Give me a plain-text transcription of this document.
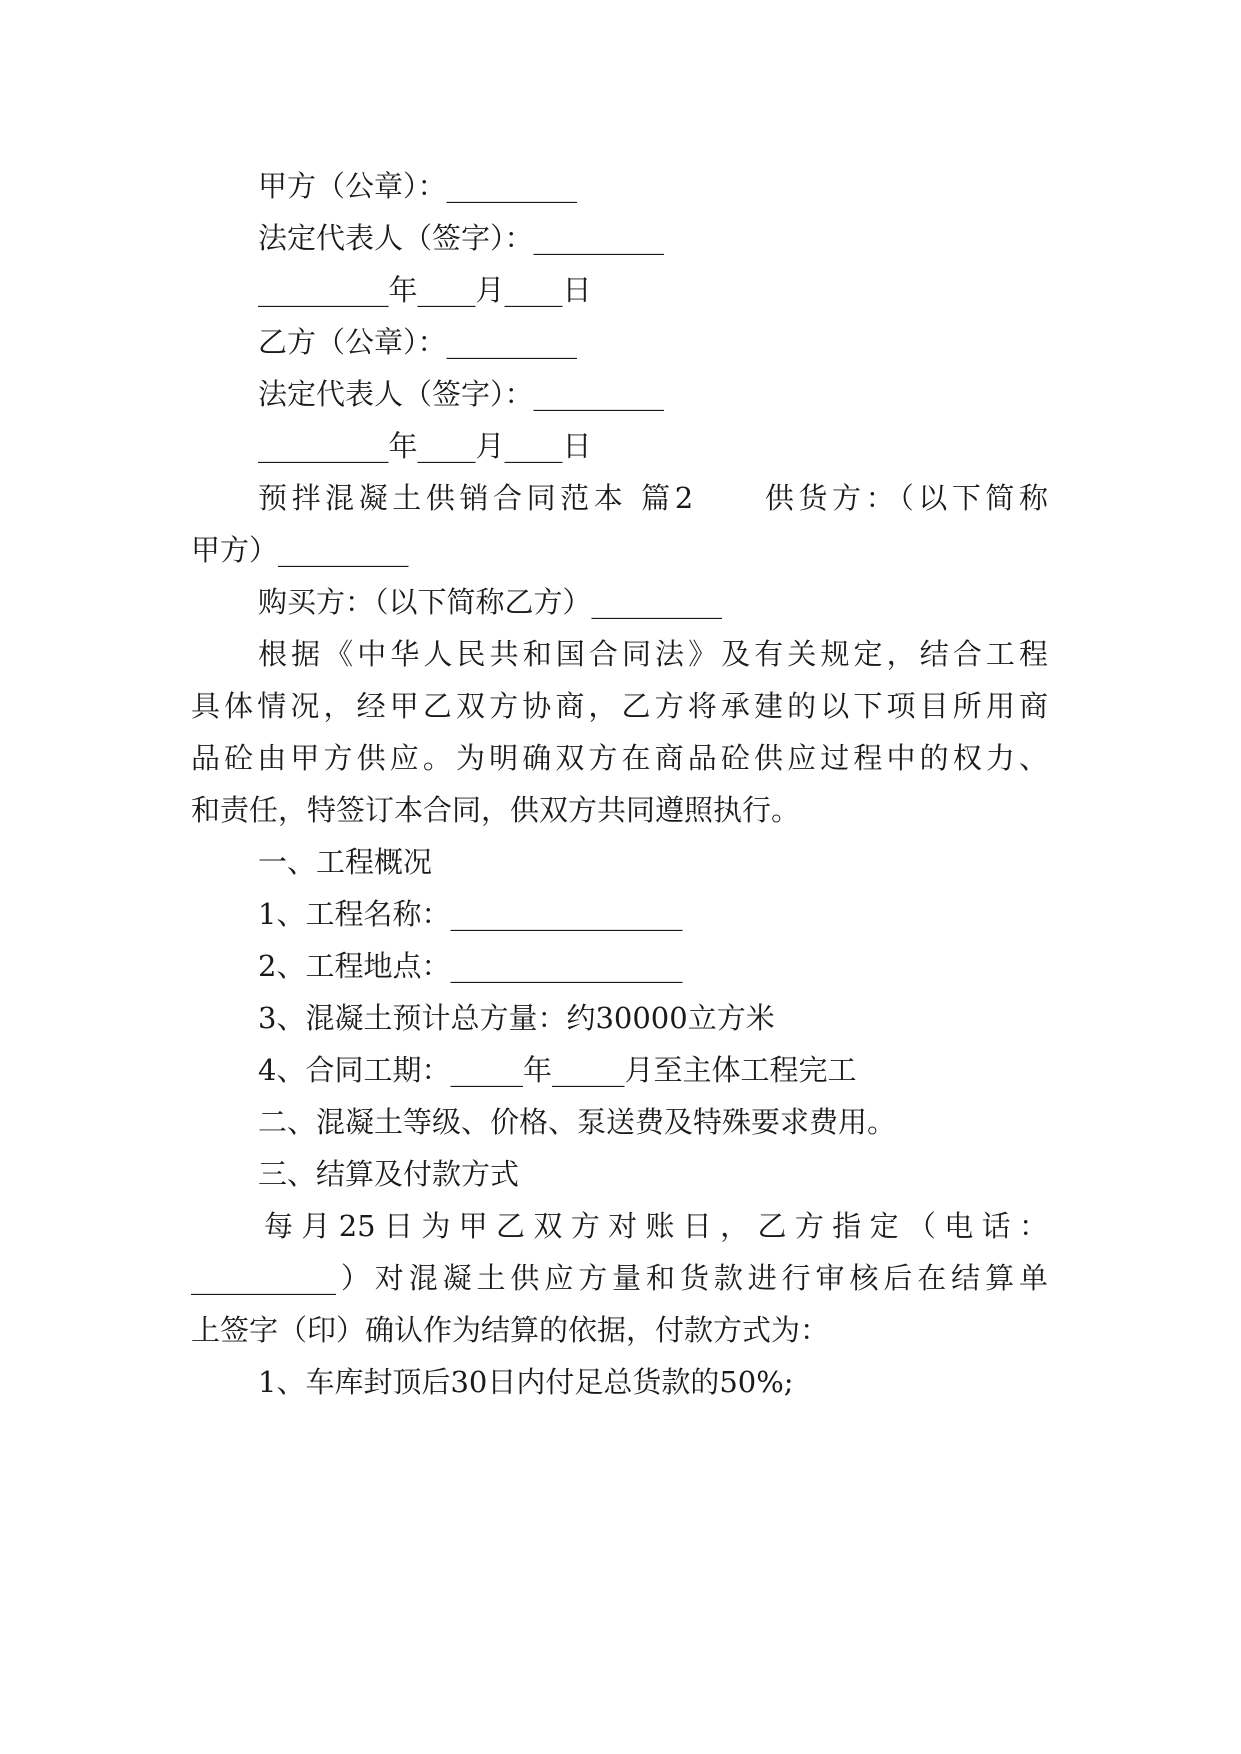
甲方（公章）：_________
法定代表人（签字）：_________
_________年____月____日
乙方（公章）：_________
法定代表人（签字）：_________
_________年____月____日
预拌混凝土供销合同范本 篇2　　供货方：（以下简称
甲方）_________
购买方：（以下简称乙方）_________
根据《中华人民共和国合同法》及有关规定，结合工程
具体情况，经甲乙双方协商，乙方将承建的以下项目所用商
品砼由甲方供应。为明确双方在商品砼供应过程中的权力、
和责任，特签订本合同，供双方共同遵照执行。
一、工程概况
1、工程名称：________________
2、工程地点：________________
3、混凝土预计总方量：约30000立方米
4、合同工期：_____年_____月至主体工程完工
二、混凝土等级、价格、泵送费及特殊要求费用。
三、结算及付款方式
每月25日为甲乙双方对账日，乙方指定（电话：
__________）对混凝土供应方量和货款进行审核后在结算单
上签字（印）确认作为结算的依据，付款方式为：
1、车库封顶后30日内付足总货款的50%;
